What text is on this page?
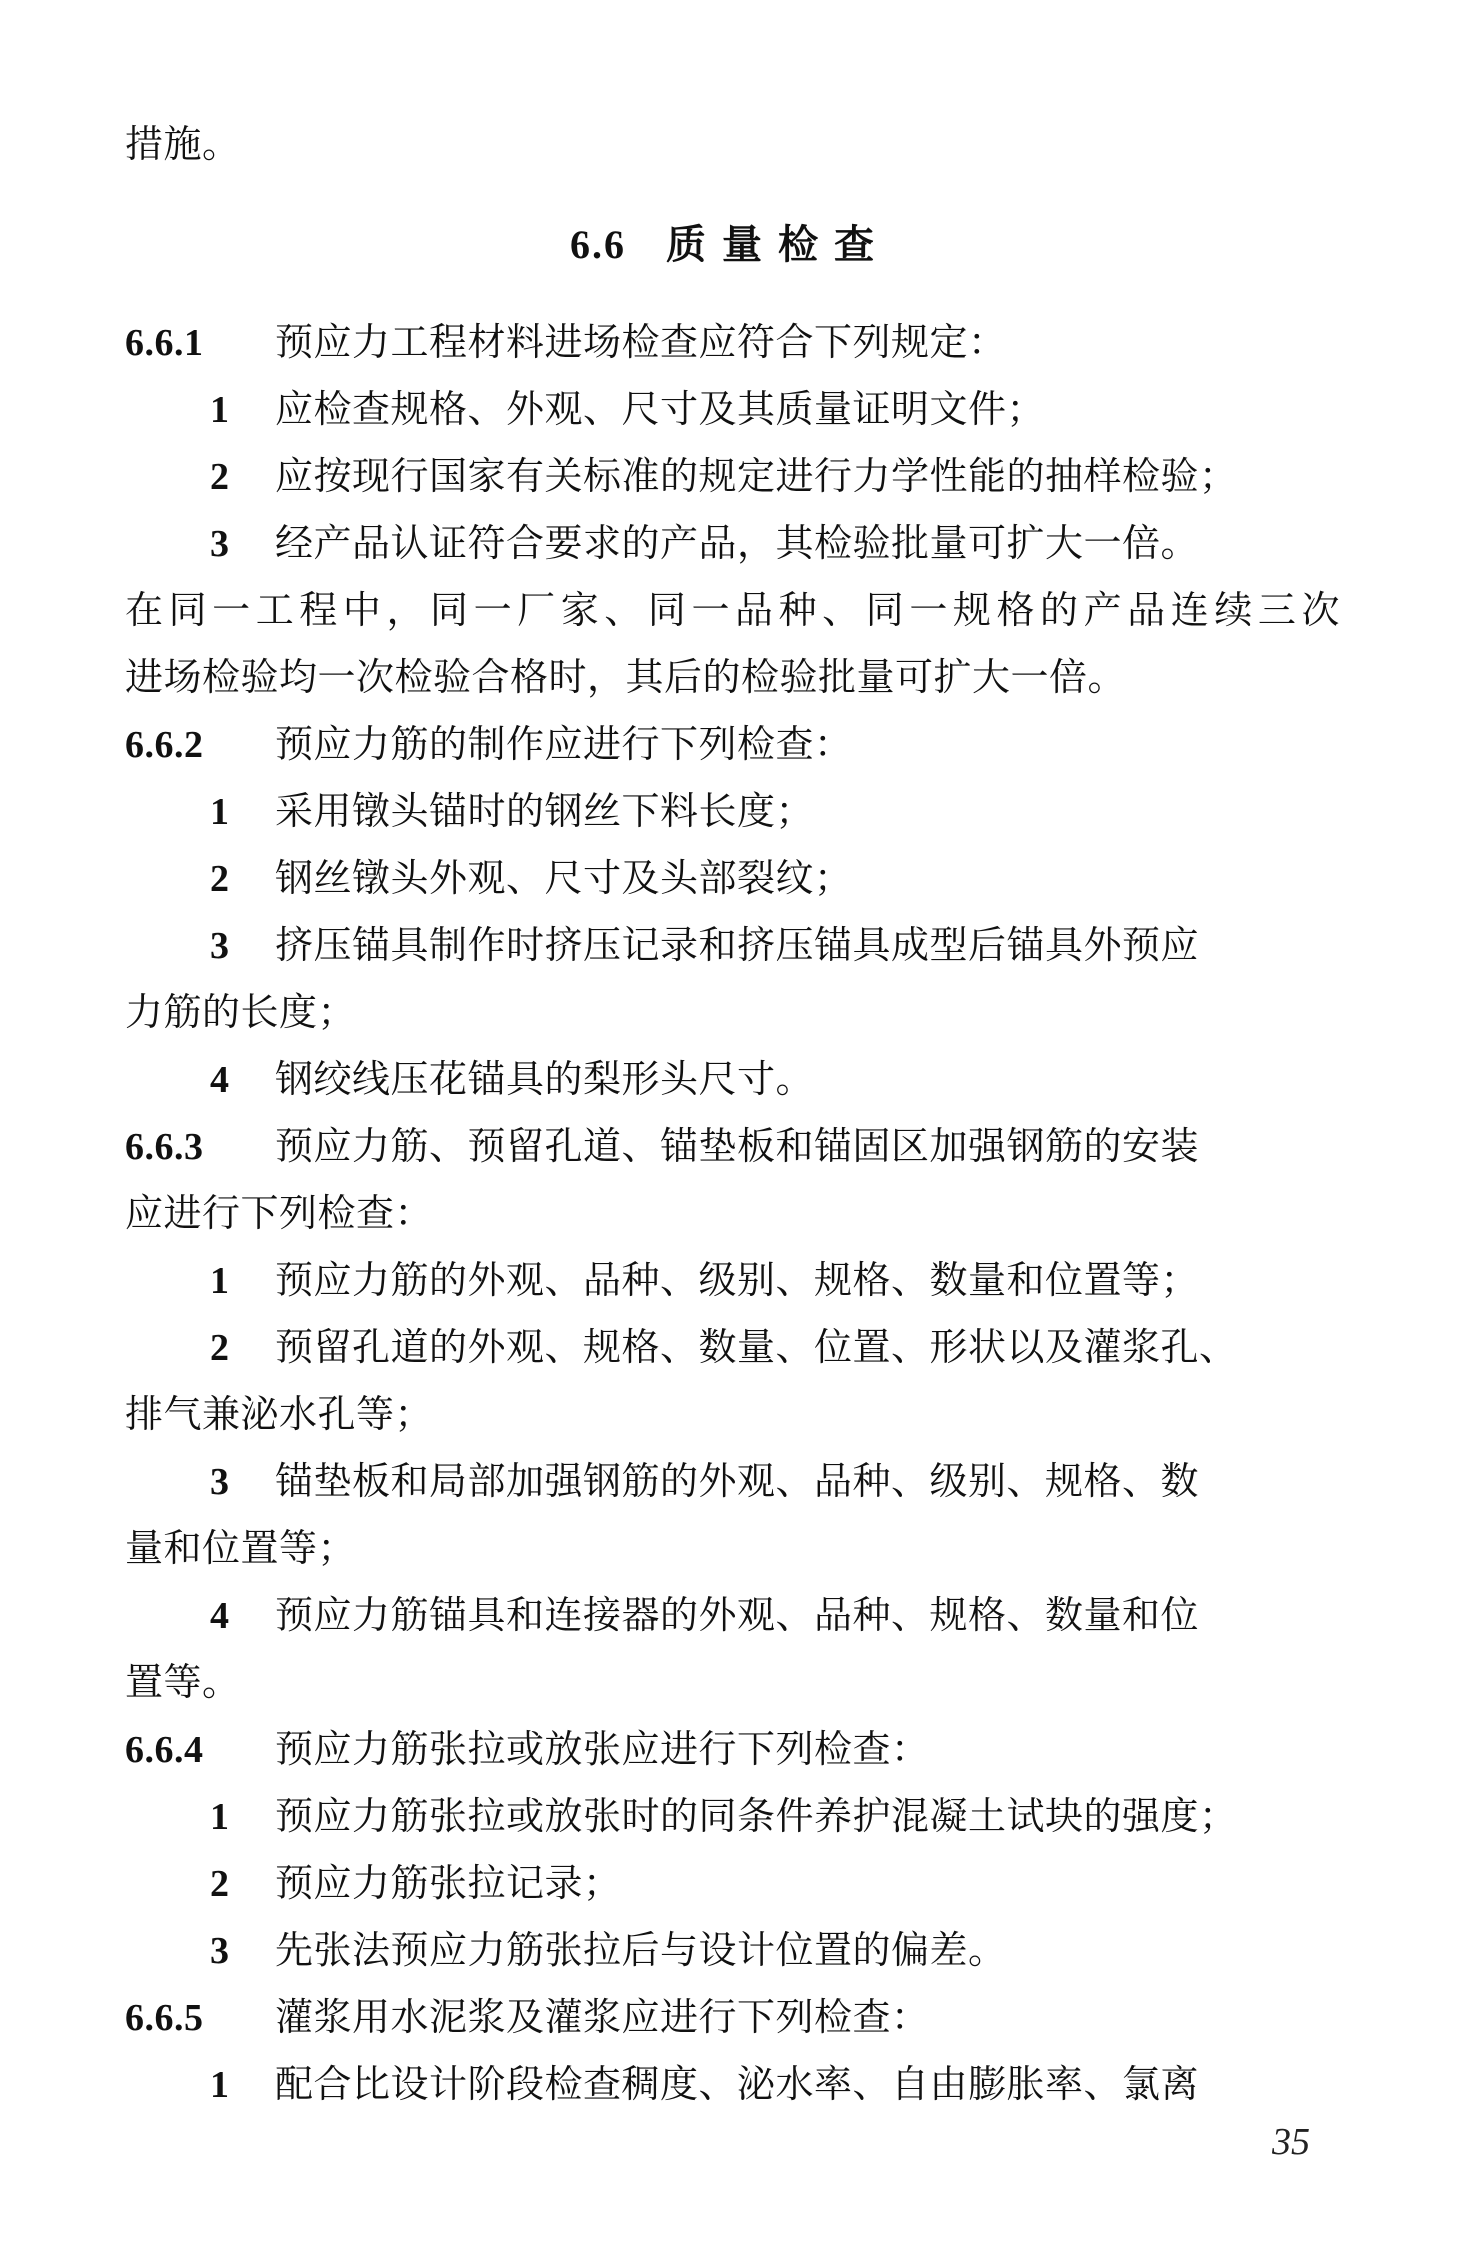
措施。
6.6 质量检查
6.6.1 预应力工程材料进场检查应符合下列规定：
1 应检查规格、外观、尺寸及其质量证明文件；
2 应按现行国家有关标准的规定进行力学性能的抽样检验；
3 经产品认证符合要求的产品，其检验批量可扩大一倍。
在同一工程中，同一厂家、同一品种、同一规格的产品连续三次
进场检验均一次检验合格时，其后的检验批量可扩大一倍。
6.6.2 预应力筋的制作应进行下列检查：
1 采用镦头锚时的钢丝下料长度；
2 钢丝镦头外观、尺寸及头部裂纹；
3 挤压锚具制作时挤压记录和挤压锚具成型后锚具外预应
力筋的长度；
4 钢绞线压花锚具的梨形头尺寸。
6.6.3 预应力筋、预留孔道、锚垫板和锚固区加强钢筋的安装
应进行下列检查：
1 预应力筋的外观、品种、级别、规格、数量和位置等；
2 预留孔道的外观、规格、数量、位置、形状以及灌浆孔、
排气兼泌水孔等；
3 锚垫板和局部加强钢筋的外观、品种、级别、规格、数
量和位置等；
4 预应力筋锚具和连接器的外观、品种、规格、数量和位
置等。
6.6.4 预应力筋张拉或放张应进行下列检查：
1 预应力筋张拉或放张时的同条件养护混凝土试块的强度；
2 预应力筋张拉记录；
3 先张法预应力筋张拉后与设计位置的偏差。
6.6.5 灌浆用水泥浆及灌浆应进行下列检查：
1 配合比设计阶段检查稠度、泌水率、自由膨胀率、氯离
35
